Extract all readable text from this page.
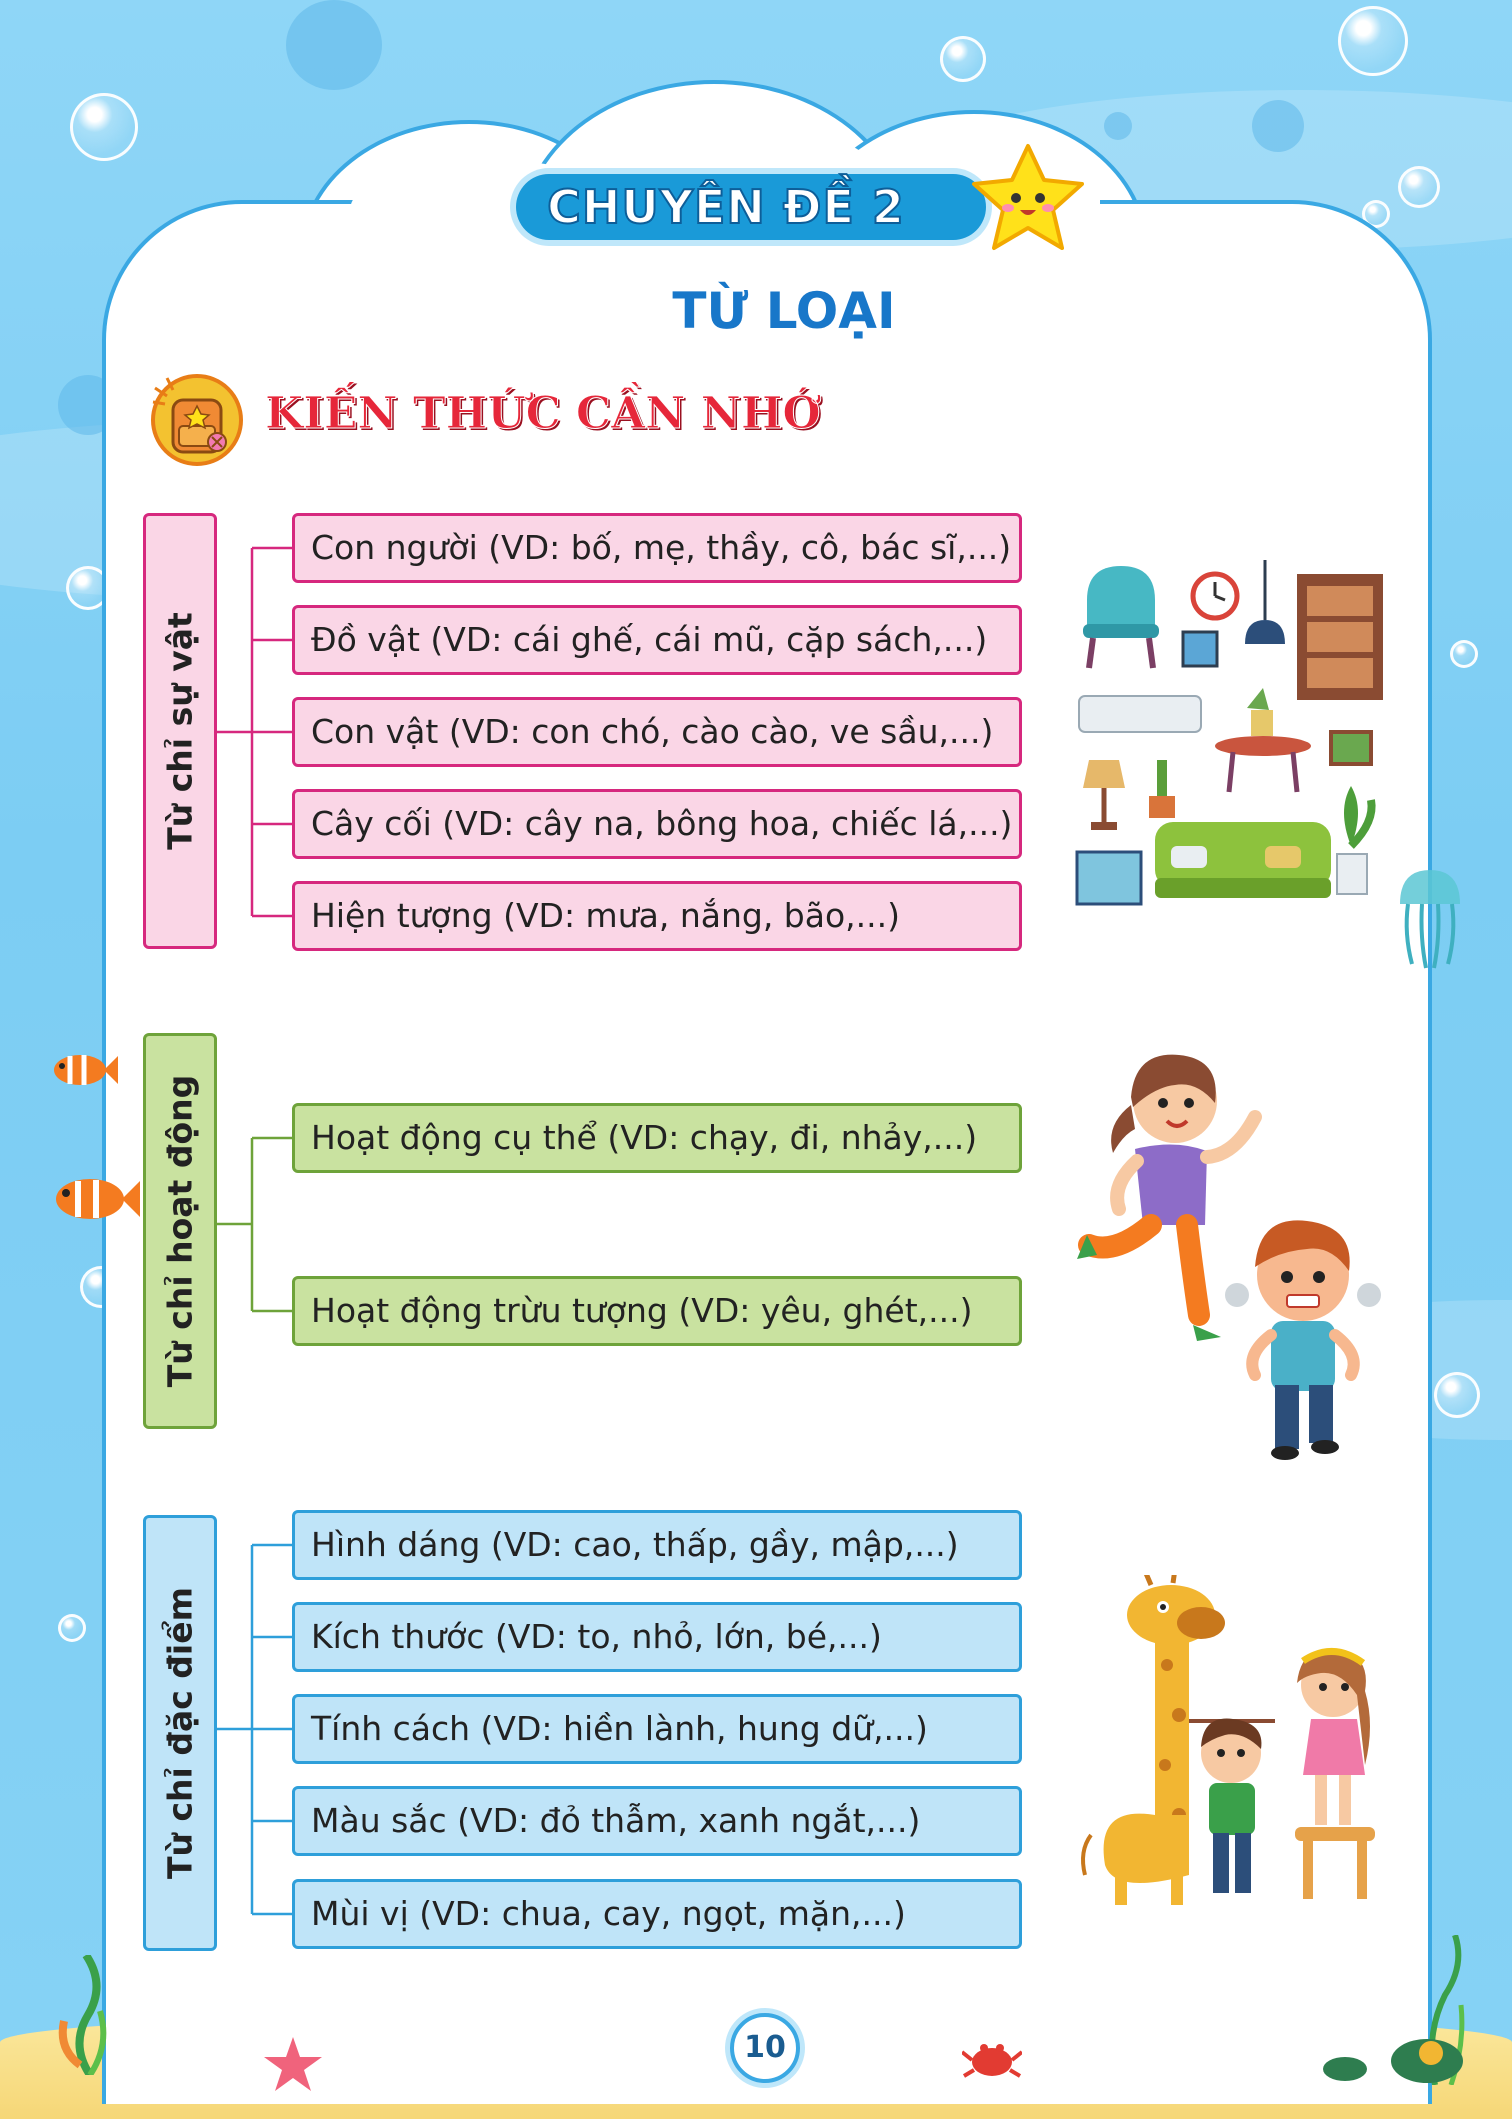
CHUYÊN ĐỀ 2
TỪ LOẠI
KIẾN THỨC CẦN NHỚ
Từ chỉ sự vật
Con người (VD: bố, mẹ, thầy, cô, bác sĩ,...)
Đồ vật (VD: cái ghế, cái mũ, cặp sách,...)
Con vật (VD: con chó, cào cào, ve sầu,...)
Cây cối (VD: cây na, bông hoa, chiếc lá,...)
Hiện tượng (VD: mưa, nắng, bão,...)
Từ chỉ hoạt động	Hoạt động cụ thể (VD: chạy, đi, nhảy,...)
Hoạt động trừu tượng (VD: yêu, ghét,...)
Từ chỉ đặc điểm
Hình dáng (VD: cao, thấp, gầy, mập,...)
Kích thước (VD: to, nhỏ, lớn, bé,...)
Tính cách (VD: hiền lành, hung dữ,...)
Màu sắc (VD: đỏ thẫm, xanh ngắt,...)
Mùi vị (VD: chua, cay, ngọt, mặn,...)
10
